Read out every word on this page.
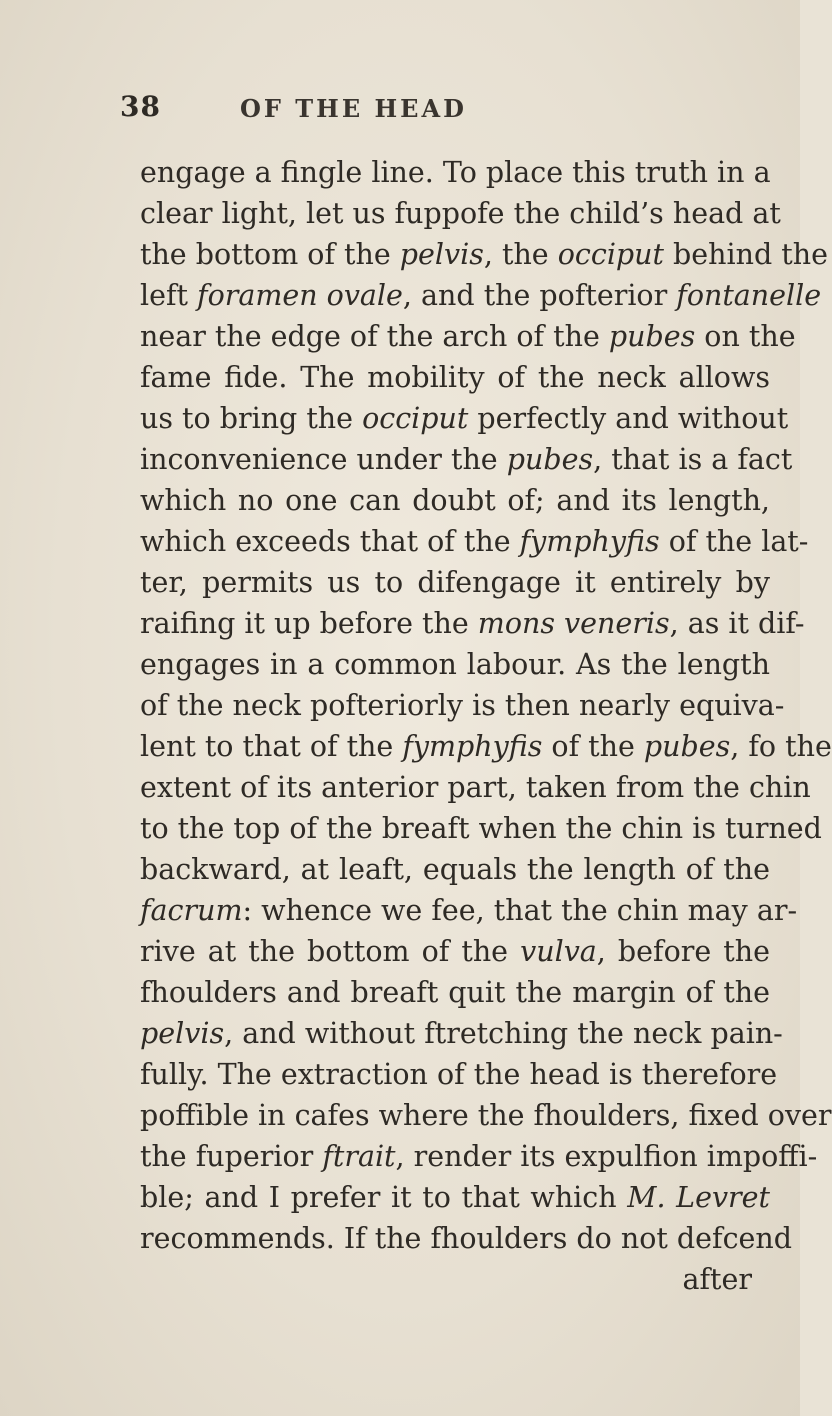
38	OF THE HEAD
engage a fingle line. To place this truth in a
clear light, let us fuppofe the child’s head at
the bottom of the pelvis, the occiput behind the
left foramen ovale, and the pofterior fontanelle
near the edge of the arch of the pubes on the
fame fide. The mobility of the neck allows
us to bring the occiput perfectly and without
inconvenience under the pubes, that is a fact
which no one can doubt of; and its length,
which exceeds that of the fymphyfis of the lat-
ter, permits us to difengage it entirely by
raifing it up before the mons veneris, as it dif-
engages in a common labour. As the length
of the neck pofteriorly is then nearly equiva-
lent to that of the fymphyfis of the pubes, fo the
extent of its anterior part, taken from the chin
to the top of the breaft when the chin is turned
backward, at leaft, equals the length of the
facrum: whence we fee, that the chin may ar-
rive at the bottom of the vulva, before the
fhoulders and breaft quit the margin of the
pelvis, and without ftretching the neck pain-
fully. The extraction of the head is therefore
poffible in cafes where the fhoulders, fixed over
the fuperior ftrait, render its expulfion impoffi-
ble; and I prefer it to that which M. Levret
recommends. If the fhoulders do not defcend
after
